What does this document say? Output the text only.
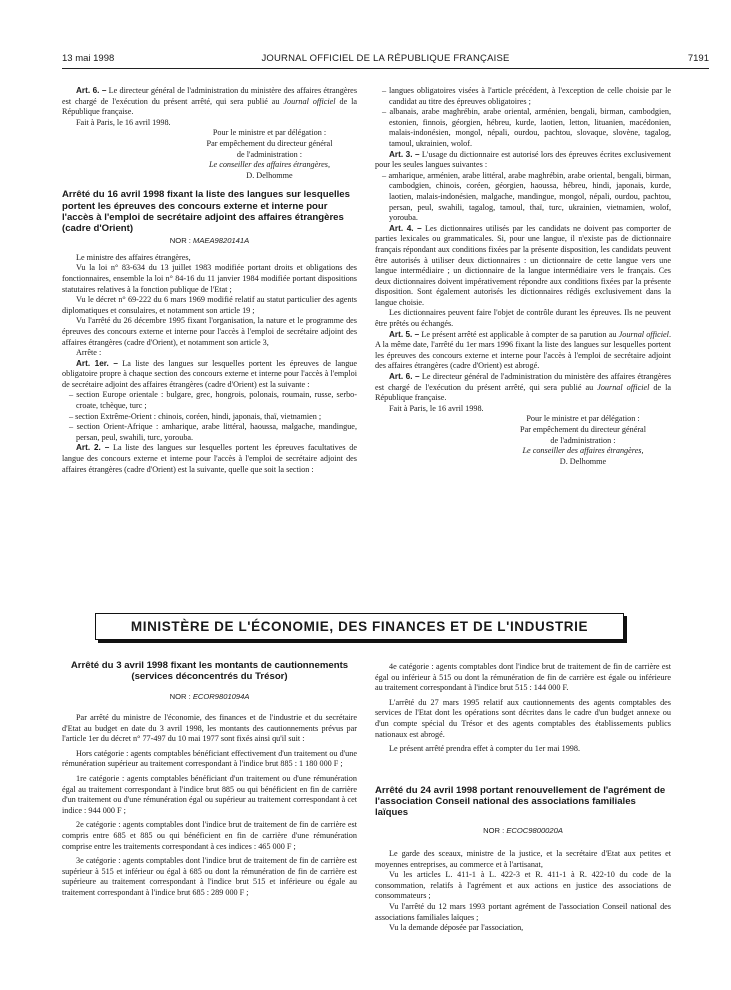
13 mai 1998	JOURNAL OFFICIEL DE LA RÉPUBLIQUE FRANÇAISE	7191

Art. 6. – Le directeur général de l'administration du ministère des affaires étrangères est chargé de l'exécution du présent arrêté, qui sera publié au Journal officiel de la République française.

Fait à Paris, le 16 avril 1998.

Pour le ministre et par délégation :

Par empêchement du directeur général

de l'administration :

Le conseiller des affaires étrangères,

D. Delhomme

Arrêté du 16 avril 1998 fixant la liste des langues sur lesquelles portent les épreuves des concours externe et interne pour l'accès à l'emploi de secrétaire adjoint des affaires étrangères (cadre d'Orient)
NOR : MAEA9820141A

Le ministre des affaires étrangères,

Vu la loi n° 83-634 du 13 juillet 1983 modifiée portant droits et obligations des fonctionnaires, ensemble la loi n° 84-16 du 11 janvier 1984 modifiée portant dispositions statutaires relatives à la fonction publique de l'Etat ;

Vu le décret n° 69-222 du 6 mars 1969 modifié relatif au statut particulier des agents diplomatiques et consulaires, et notamment son article 19 ;

Vu l'arrêté du 26 décembre 1995 fixant l'organisation, la nature et le programme des épreuves des concours externe et interne pour l'accès à l'emploi de secrétaire adjoint des affaires étrangères (cadre d'Orient), et notamment son article 3,

Arrête :

Art. 1er. – La liste des langues sur lesquelles portent les épreuves de langue obligatoire propre à chaque section des concours externe et interne pour l'accès à l'emploi de secrétaire adjoint des affaires étrangères (cadre d'Orient) est la suivante :

– section Europe orientale : bulgare, grec, hongrois, polonais, roumain, russe, serbo-croate, tchèque, turc ;
– section Extrême-Orient : chinois, coréen, hindi, japonais, thaï, vietnamien ;
– section Orient-Afrique : amharique, arabe littéral, haoussa, malgache, mandingue, persan, peul, swahili, turc, yorouba.

Art. 2. – La liste des langues sur lesquelles portent les épreuves facultatives de langue des concours externe et interne pour l'accès à l'emploi de secrétaire adjoint des affaires étrangères (cadre d'Orient) est la suivante, quelle que soit la section :

– langues obligatoires visées à l'article précédent, à l'exception de celle choisie par le candidat au titre des épreuves obligatoires ;
– albanais, arabe maghrébin, arabe oriental, arménien, bengali, birman, cambodgien, estonien, finnois, géorgien, hébreu, kurde, laotien, letton, lituanien, macédonien, malais-indonésien, mongol, népali, ourdou, pachtou, slovaque, slovène, tagalog, tamoul, ukrainien, wolof.

Art. 3. – L'usage du dictionnaire est autorisé lors des épreuves écrites exclusivement pour les seules langues suivantes :

– amharique, arménien, arabe littéral, arabe maghrébin, arabe oriental, bengali, birman, cambodgien, chinois, coréen, géorgien, haoussa, hébreu, hindi, japonais, kurde, laotien, malais-indonésien, malgache, mandingue, mongol, népali, ourdou, pachtou, persan, peul, swahili, tagalog, tamoul, thaï, turc, ukrainien, vietnamien, wolof, yorouba.

Art. 4. – Les dictionnaires utilisés par les candidats ne doivent pas comporter de parties lexicales ou grammaticales. Si, pour une langue, il n'existe pas de dictionnaire français répondant aux conditions fixées par la présente disposition, les candidats peuvent être autorisés à utiliser deux dictionnaires : un dictionnaire de cette langue vers une langue intermédiaire ; un dictionnaire de la langue intermédiaire vers le français. Ces deux dictionnaires doivent impérativement répondre aux conditions fixées par la présente disposition. Sont également autorisés les dictionnaires rédigés exclusivement dans la langue choisie.

Les dictionnaires peuvent faire l'objet de contrôle durant les épreuves. Ils ne peuvent être prêtés ou échangés.

Art. 5. – Le présent arrêté est applicable à compter de sa parution au Journal officiel. A la même date, l'arrêté du 1er mars 1996 fixant la liste des langues sur lesquelles portent les épreuves des concours externe et interne pour l'accès à l'emploi de secrétaire adjoint des affaires étrangères (cadre d'Orient) est abrogé.

Art. 6. – Le directeur général de l'administration du ministère des affaires étrangères est chargé de l'exécution du présent arrêté, qui sera publié au Journal officiel de la République française.

Fait à Paris, le 16 avril 1998.

Pour le ministre et par délégation :

Par empêchement du directeur général

de l'administration :

Le conseiller des affaires étrangères,

D. Delhomme

MINISTÈRE DE L'ÉCONOMIE, DES FINANCES ET DE L'INDUSTRIE
Arrêté du 3 avril 1998 fixant les montants de cautionnements (services déconcentrés du Trésor)
NOR : ECOR9801094A

Par arrêté du ministre de l'économie, des finances et de l'industrie et du secrétaire d'Etat au budget en date du 3 avril 1998, les montants des cautionnements prévus par l'article 1er du décret n° 77-497 du 10 mai 1977 sont fixés ainsi qu'il suit :

Hors catégorie : agents comptables bénéficiant effectivement d'un traitement ou d'une rémunération supérieur au traitement correspondant à l'indice brut 885 : 1 180 000 F ;

1re catégorie : agents comptables bénéficiant d'un traitement ou d'une rémunération égal au traitement correspondant à l'indice brut 885 ou qui bénéficient en fin de carrière d'un traitement ou d'une rémunération égal ou supérieur au traitement correspondant à cet indice : 944 000 F ;

2e catégorie : agents comptables dont l'indice brut de traitement de fin de carrière est compris entre 685 et 885 ou qui bénéficient en fin de carrière d'une rémunération comprise entre les traitements correspondant à ces indices : 465 000 F ;

3e catégorie : agents comptables dont l'indice brut de traitement de fin de carrière est supérieur à 515 et inférieur ou égal à 685 ou dont la rémunération de fin de carrière est supérieure au traitement correspondant à l'indice brut 515 et inférieure ou égale au traitement correspondant à l'indice brut 685 : 289 000 F ;

4e catégorie : agents comptables dont l'indice brut de traitement de fin de carrière est égal ou inférieur à 515 ou dont la rémunération de fin de carrière est égale ou inférieure au traitement correspondant à l'indice brut 515 : 144 000 F.

L'arrêté du 27 mars 1995 relatif aux cautionnements des agents comptables des services de l'Etat dont les opérations sont décrites dans le cadre d'un budget annexe ou d'un compte spécial du Trésor et des agents comptables des établissements publics nationaux est abrogé.

Le présent arrêté prendra effet à compter du 1er mai 1998.

Arrêté du 24 avril 1998 portant renouvellement de l'agrément de l'association Conseil national des associations familiales laïques
NOR : ECOC9800020A

Le garde des sceaux, ministre de la justice, et la secrétaire d'Etat aux petites et moyennes entreprises, au commerce et à l'artisanat,

Vu les articles L. 411-1 à L. 422-3 et R. 411-1 à R. 422-10 du code de la consommation, relatifs à l'agrément et aux actions en justice des associations de consommateurs ;

Vu l'arrêté du 12 mars 1993 portant agrément de l'association Conseil national des associations familiales laïques ;

Vu la demande déposée par l'association,
